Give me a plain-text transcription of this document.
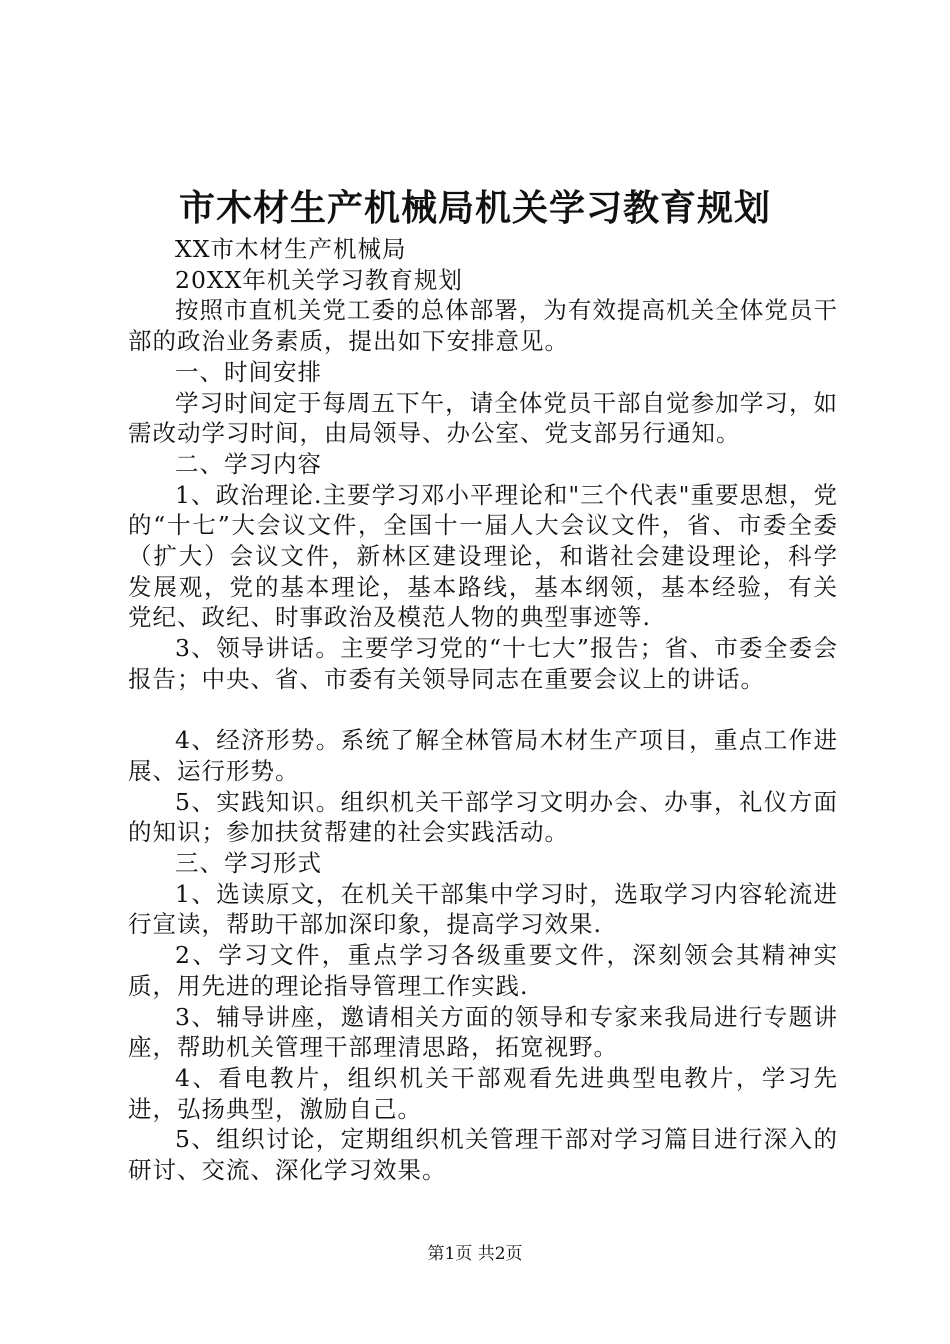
市木材生产机械局机关学习教育规划

XX市木材生产机械局

20XX年机关学习教育规划

按照市直机关党工委的总体部署，为有效提高机关全体党员干部的政治业务素质，提出如下安排意见。

一、时间安排

学习时间定于每周五下午，请全体党员干部自觉参加学习，如需改动学习时间，由局领导、办公室、党支部另行通知。

二、学习内容

1、政治理论.主要学习邓小平理论和"三个代表"重要思想，党的“十七”大会议文件，全国十一届人大会议文件，省、市委全委（扩大）会议文件，新林区建设理论，和谐社会建设理论，科学发展观，党的基本理论，基本路线，基本纲领，基本经验，有关党纪、政纪、时事政治及模范人物的典型事迹等.

3、领导讲话。主要学习党的“十七大”报告；省、市委全委会报告；中央、省、市委有关领导同志在重要会议上的讲话。

4、经济形势。系统了解全林管局木材生产项目，重点工作进展、运行形势。

5、实践知识。组织机关干部学习文明办会、办事，礼仪方面的知识；参加扶贫帮建的社会实践活动。

三、学习形式

1、选读原文，在机关干部集中学习时，选取学习内容轮流进行宣读，帮助干部加深印象，提高学习效果.

2、学习文件，重点学习各级重要文件，深刻领会其精神实质，用先进的理论指导管理工作实践.

3、辅导讲座，邀请相关方面的领导和专家来我局进行专题讲座，帮助机关管理干部理清思路，拓宽视野。

4、看电教片，组织机关干部观看先进典型电教片，学习先进，弘扬典型，激励自己。

5、组织讨论，定期组织机关管理干部对学习篇目进行深入的研讨、交流、深化学习效果。

第1页 共2页
